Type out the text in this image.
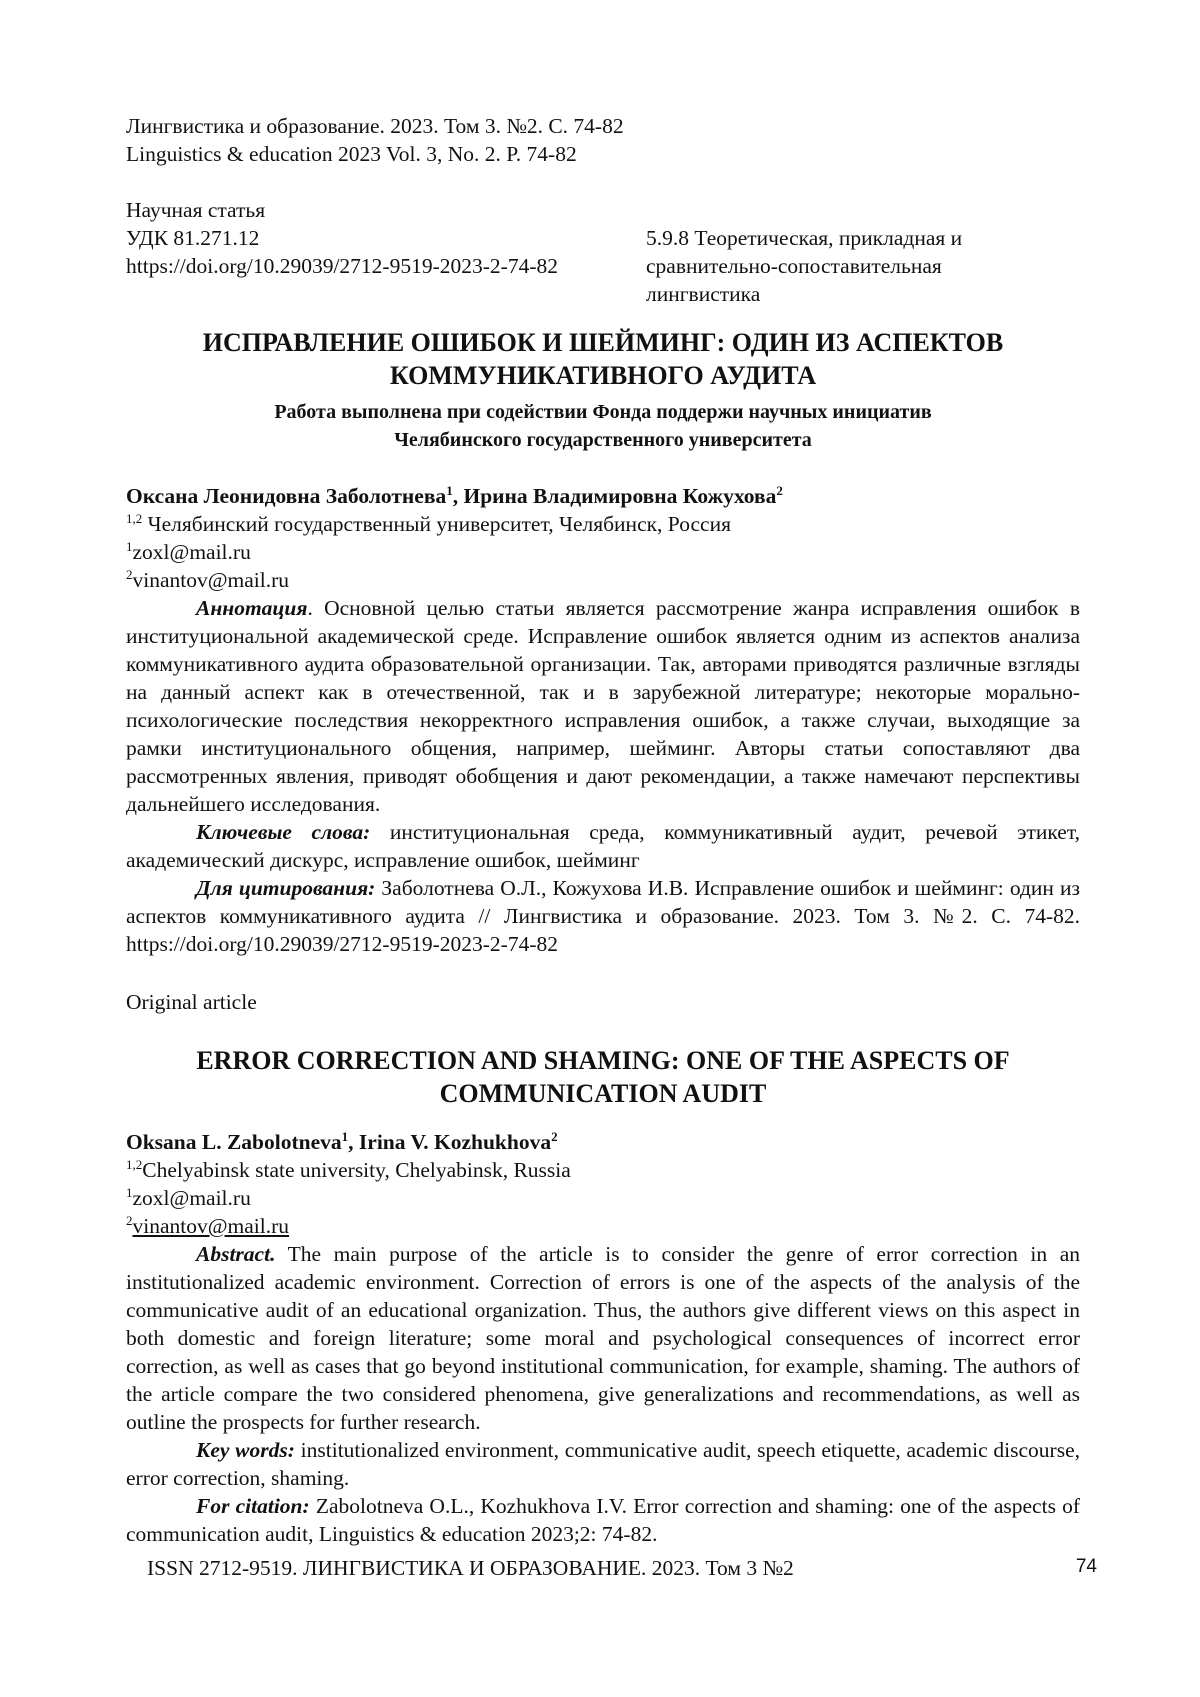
Лингвистика и образование. 2023. Том 3. №2. С. 74-82
Linguistics & education 2023 Vol. 3, No. 2. P. 74-82
Научная статья
УДК 81.271.12
https://doi.org/10.29039/2712-9519-2023-2-74-82
5.9.8 Теоретическая, прикладная и
сравнительно-сопоставительная
лингвистика
ИСПРАВЛЕНИЕ ОШИБОК И ШЕЙМИНГ: ОДИН ИЗ АСПЕКТОВ
КОММУНИКАТИВНОГО АУДИТА
Работа выполнена при содействии Фонда поддержи научных инициатив
Челябинского государственного университета
Оксана Леонидовна Заболотнева$^1$, Ирина Владимировна Кожухова$^2$
$^{1,2}$ Челябинский государственный университет, Челябинск, Россия
$^1$zoxl@mail.ru
$^2$vinantov@mail.ru
Аннотация. Основной целью статьи является рассмотрение жанра исправления ошибок в институциональной академической среде. Исправление ошибок является одним из аспектов анализа коммуникативного аудита образовательной организации. Так, авторами приводятся различные взгляды на данный аспект как в отечественной, так и в зарубежной литературе; некоторые морально-психологические последствия некорректного исправления ошибок, а также случаи, выходящие за рамки институционального общения, например, шейминг. Авторы статьи сопоставляют два рассмотренных явления, приводят обобщения и дают рекомендации, а также намечают перспективы дальнейшего исследования.
Ключевые слова: институциональная среда, коммуникативный аудит, речевой этикет, академический дискурс, исправление ошибок, шейминг
Для цитирования: Заболотнева О.Л., Кожухова И.В. Исправление ошибок и шейминг: один из аспектов коммуникативного аудита // Лингвистика и образование. 2023. Том 3. №2. С. 74-82. https://doi.org/10.29039/2712-9519-2023-2-74-82
Original article
ERROR CORRECTION AND SHAMING: ONE OF THE ASPECTS OF
COMMUNICATION AUDIT
Oksana L. Zabolotneva$^1$, Irina V. Kozhukhova$^2$
$^{1,2}$Chelyabinsk state university, Chelyabinsk, Russia
$^1$zoxl@mail.ru
$^2$vinantov@mail.ru
Abstract. The main purpose of the article is to consider the genre of error correction in an institutionalized academic environment. Correction of errors is one of the aspects of the analysis of the communicative audit of an educational organization. Thus, the authors give different views on this aspect in both domestic and foreign literature; some moral and psychological consequences of incorrect error correction, as well as cases that go beyond institutional communication, for example, shaming. The authors of the article compare the two considered phenomena, give generalizations and recommendations, as well as outline the prospects for further research.
Key words: institutionalized environment, communicative audit, speech etiquette, academic discourse, error correction, shaming.
For citation: Zabolotneva O.L., Kozhukhova I.V. Error correction and shaming: one of the aspects of communication audit, Linguistics & education 2023;2: 74-82.
ISSN 2712-9519. ЛИНГВИСТИКА И ОБРАЗОВАНИЕ. 2023. Том 3 №2	74
